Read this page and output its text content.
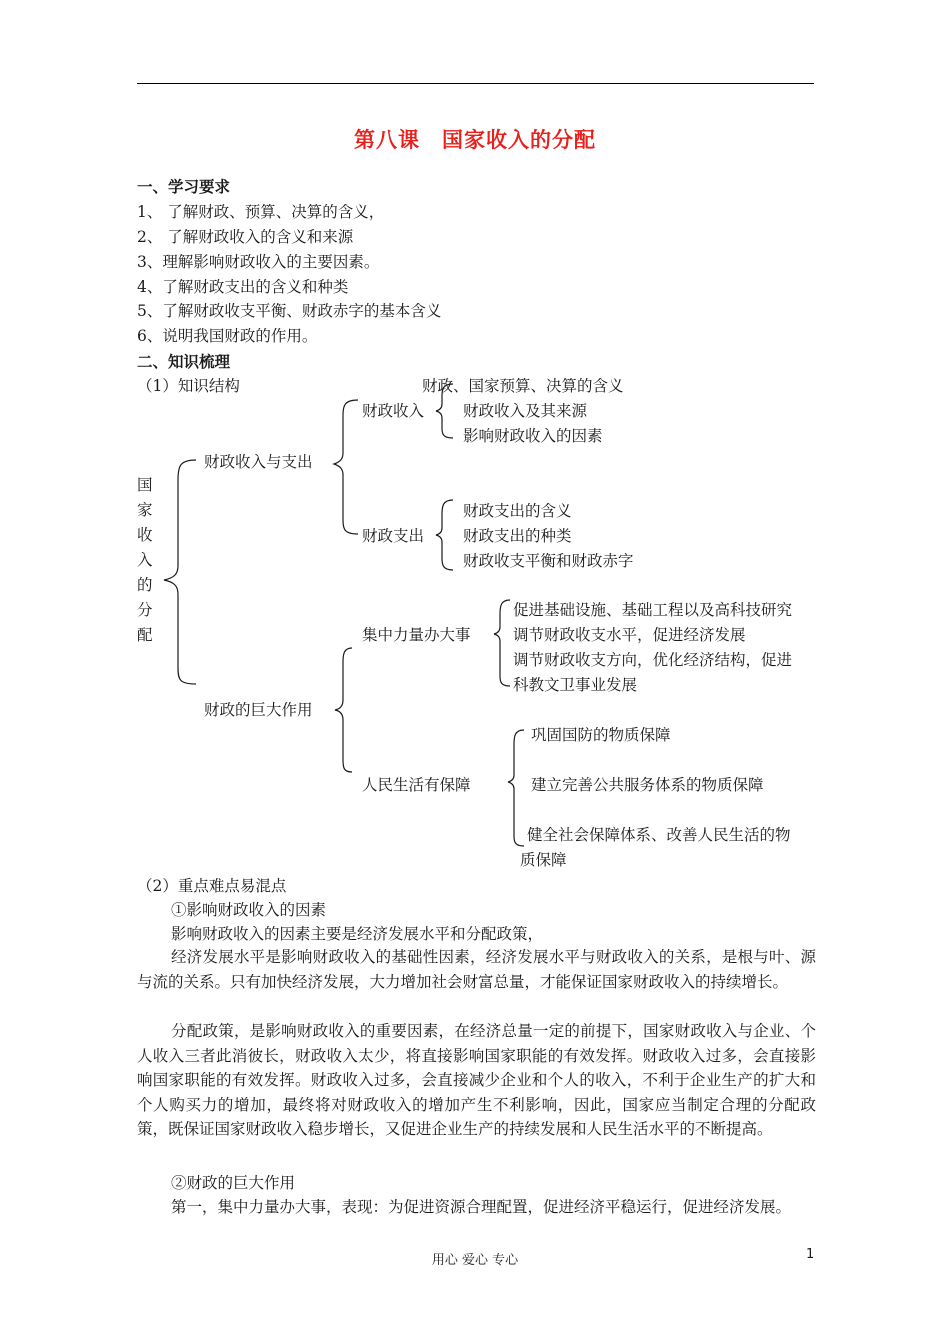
第八课　国家收入的分配
一、学习要求
1、 了解财政、预算、决算的含义，
2、 了解财政收入的含义和来源
3、理解影响财政收入的主要因素。
4、了解财政支出的含义和种类
5、了解财政收支平衡、财政赤字的基本含义
6、说明我国财政的作用。
二、知识梳理
（1）知识结构
国
家
收
入
的
分
配
财政收入与支出
财政收入
财政、国家预算、决算的含义
财政收入及其来源
影响财政收入的因素
财政支出
财政支出的含义
财政支出的种类
财政收支平衡和财政赤字
财政的巨大作用
集中力量办大事
促进基础设施、基础工程以及高科技研究
调节财政收支水平，促进经济发展
调节财政收支方向，优化经济结构，促进
科教文卫事业发展
人民生活有保障
巩固国防的物质保障
建立完善公共服务体系的物质保障
健全社会保障体系、改善人民生活的物
质保障
（2）重点难点易混点
①影响财政收入的因素
影响财政收入的因素主要是经济发展水平和分配政策，
经济发展水平是影响财政收入的基础性因素，经济发展水平与财政收入的关系，是根与叶、源与流的关系。只有加快经济发展，大力增加社会财富总量，才能保证国家财政收入的持续增长。
分配政策，是影响财政收入的重要因素，在经济总量一定的前提下，国家财政收入与企业、个人收入三者此消彼长，财政收入太少，将直接影响国家职能的有效发挥。财政收入过多，会直接影响国家职能的有效发挥。财政收入过多，会直接减少企业和个人的收入，不利于企业生产的扩大和个人购买力的增加，最终将对财政收入的增加产生不利影响，因此，国家应当制定合理的分配政策，既保证国家财政收入稳步增长，又促进企业生产的持续发展和人民生活水平的不断提高。
②财政的巨大作用
第一，集中力量办大事，表现：为促进资源合理配置，促进经济平稳运行，促进经济发展。
用心 爱心 专心	1
